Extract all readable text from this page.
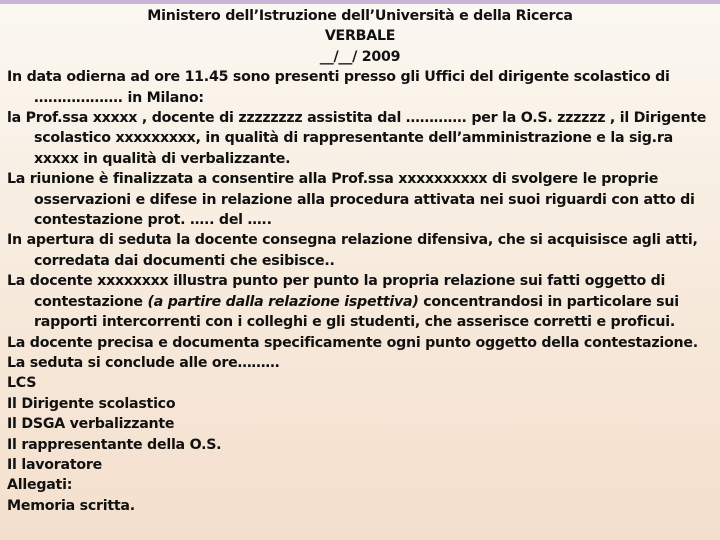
Ministero dell’Istruzione dell’Università e della Ricerca
VERBALE
__/__/ 2009
In data odierna ad ore 11.45 sono presenti presso gli Uffici del dirigente scolastico di ………………. in Milano:
la Prof.ssa xxxxx , docente di zzzzzzzz assistita dal …………. per la O.S. zzzzzz , il Dirigente scolastico xxxxxxxxx, in qualità di rappresentante dell’amministrazione e la sig.ra xxxxx in qualità di verbalizzante.
La riunione è finalizzata a consentire alla Prof.ssa xxxxxxxxxx di svolgere le proprie osservazioni e difese in relazione alla procedura attivata nei suoi riguardi con atto di contestazione prot. ….. del …..
In apertura di seduta la docente consegna relazione difensiva, che si acquisisce agli atti, corredata dai documenti che esibisce..
La docente xxxxxxxx illustra punto per punto la propria relazione sui fatti oggetto di contestazione (a partire dalla relazione ispettiva) concentrandosi in particolare sui rapporti intercorrenti con i colleghi e gli studenti, che asserisce corretti e proficui.
La docente precisa e documenta specificamente ogni punto oggetto della contestazione.
La seduta si conclude alle ore………
LCS
Il Dirigente scolastico
Il DSGA verbalizzante
Il rappresentante della O.S.
Il lavoratore
Allegati:
Memoria scritta.
